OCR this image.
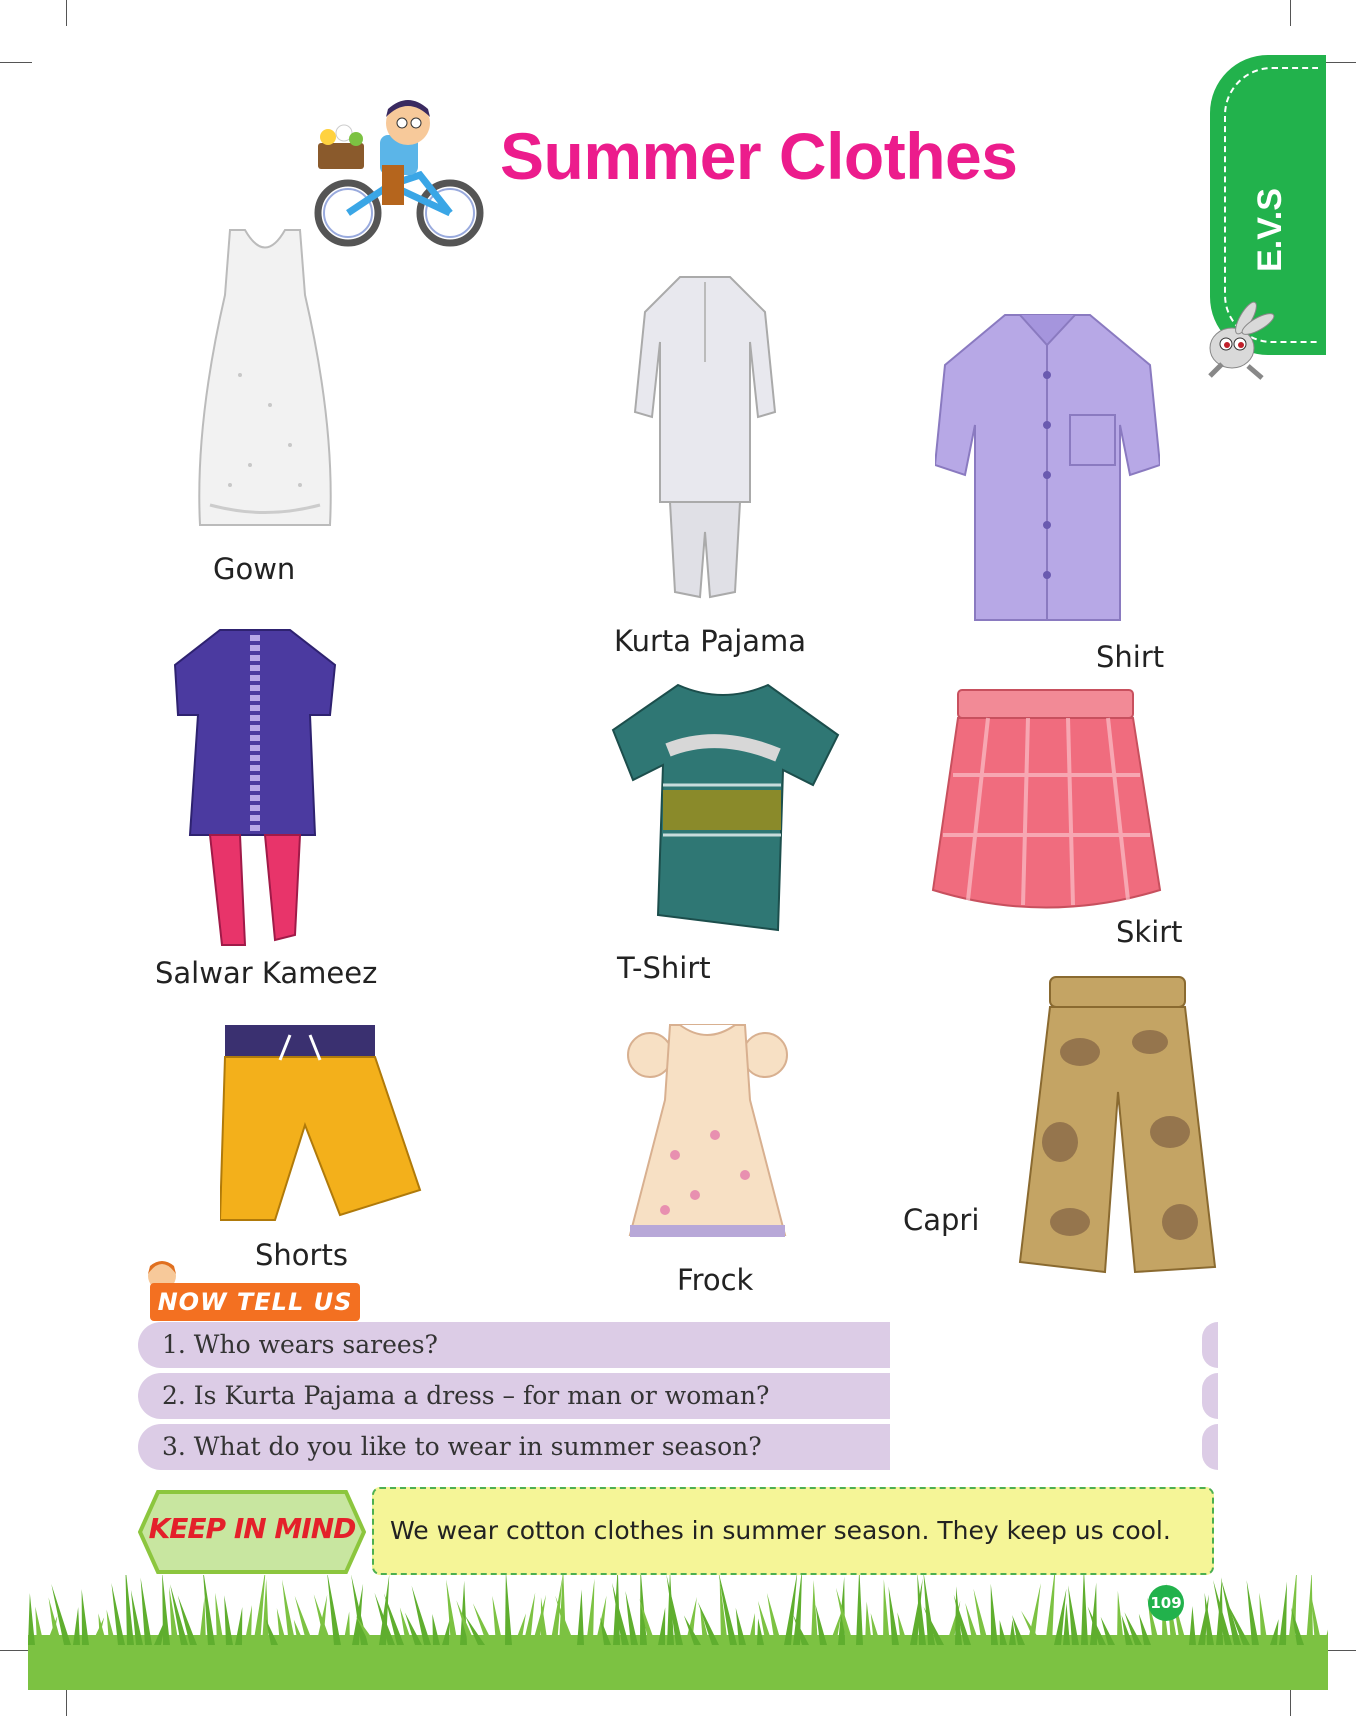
Summer Clothes
E.V.S
Gown
Kurta Pajama	Shirt
Salwar Kameez	T-Shirt
Skirt
Shorts
Frock
Capri
NOW TELL US
1. Who wears sarees?
2. Is Kurta Pajama a dress – for man or woman?
3. What do you like to wear in summer season?
KEEP IN MIND	We wear cotton clothes in summer season. They keep us cool.
109
